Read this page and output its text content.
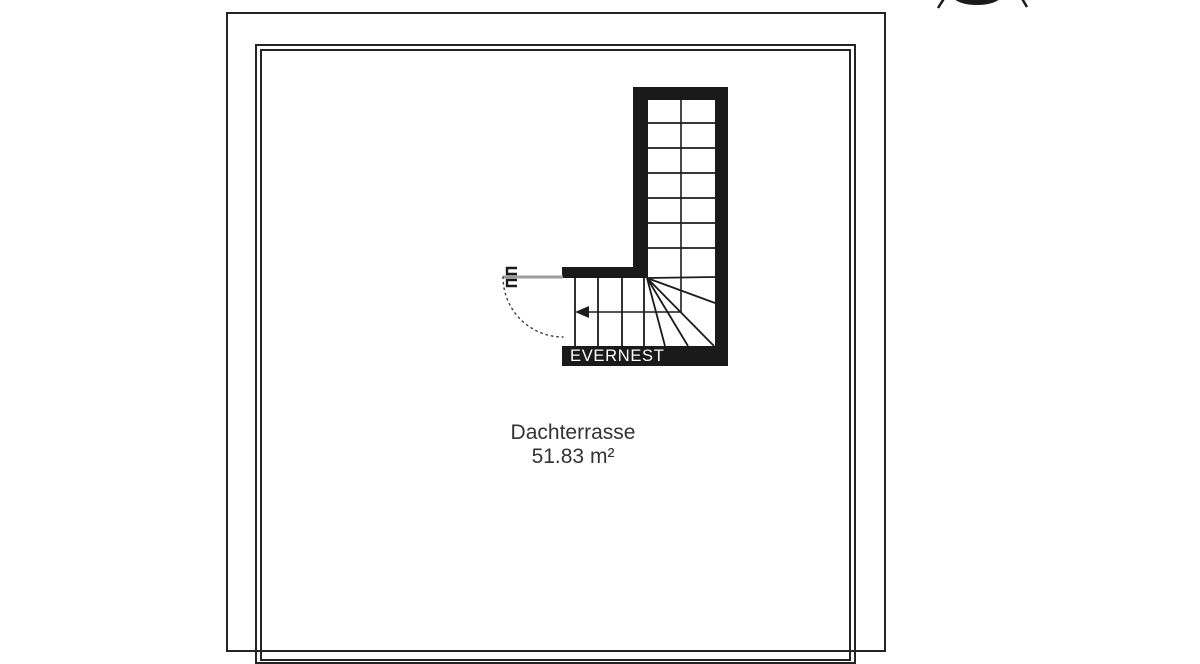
EVERNEST
Dachterrasse
51.83 m²
